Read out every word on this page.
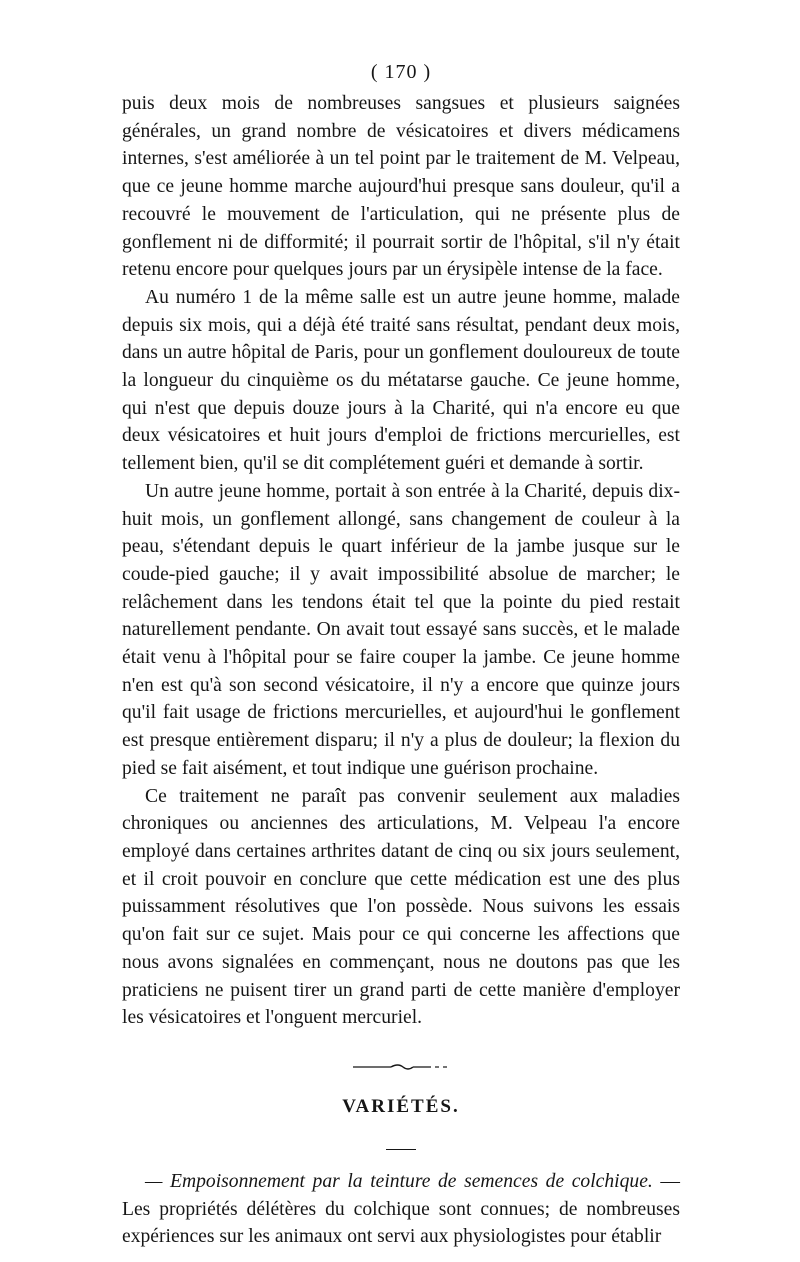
( 170 )

puis deux mois de nombreuses sangsues et plusieurs saignées générales, un grand nombre de vésicatoires et divers médicamens internes, s'est améliorée à un tel point par le traitement de M. Velpeau, que ce jeune homme marche aujourd'hui presque sans douleur, qu'il a recouvré le mouvement de l'articulation, qui ne présente plus de gonflement ni de difformité; il pourrait sortir de l'hôpital, s'il n'y était retenu encore pour quelques jours par un érysipèle intense de la face.

Au numéro 1 de la même salle est un autre jeune homme, malade depuis six mois, qui a déjà été traité sans résultat, pendant deux mois, dans un autre hôpital de Paris, pour un gonflement douloureux de toute la longueur du cinquième os du métatarse gauche. Ce jeune homme, qui n'est que depuis douze jours à la Charité, qui n'a encore eu que deux vésicatoires et huit jours d'emploi de frictions mercurielles, est tellement bien, qu'il se dit complétement guéri et demande à sortir.

Un autre jeune homme, portait à son entrée à la Charité, depuis dix-huit mois, un gonflement allongé, sans changement de couleur à la peau, s'étendant depuis le quart inférieur de la jambe jusque sur le coude-pied gauche; il y avait impossibilité absolue de marcher; le relâchement dans les tendons était tel que la pointe du pied restait naturellement pendante. On avait tout essayé sans succès, et le malade était venu à l'hôpital pour se faire couper la jambe. Ce jeune homme n'en est qu'à son second vésicatoire, il n'y a encore que quinze jours qu'il fait usage de frictions mercurielles, et aujourd'hui le gonflement est presque entièrement disparu; il n'y a plus de douleur; la flexion du pied se fait aisément, et tout indique une guérison prochaine.

Ce traitement ne paraît pas convenir seulement aux maladies chroniques ou anciennes des articulations, M. Velpeau l'a encore employé dans certaines arthrites datant de cinq ou six jours seulement, et il croit pouvoir en conclure que cette médication est une des plus puissamment résolutives que l'on possède. Nous suivons les essais qu'on fait sur ce sujet. Mais pour ce qui concerne les affections que nous avons signalées en commençant, nous ne doutons pas que les praticiens ne puisent tirer un grand parti de cette manière d'employer les vésicatoires et l'onguent mercuriel.

VARIÉTÉS.

— Empoisonnement par la teinture de semences de colchique. — Les propriétés délétères du colchique sont connues; de nombreuses expériences sur les animaux ont servi aux physiologistes pour établir
